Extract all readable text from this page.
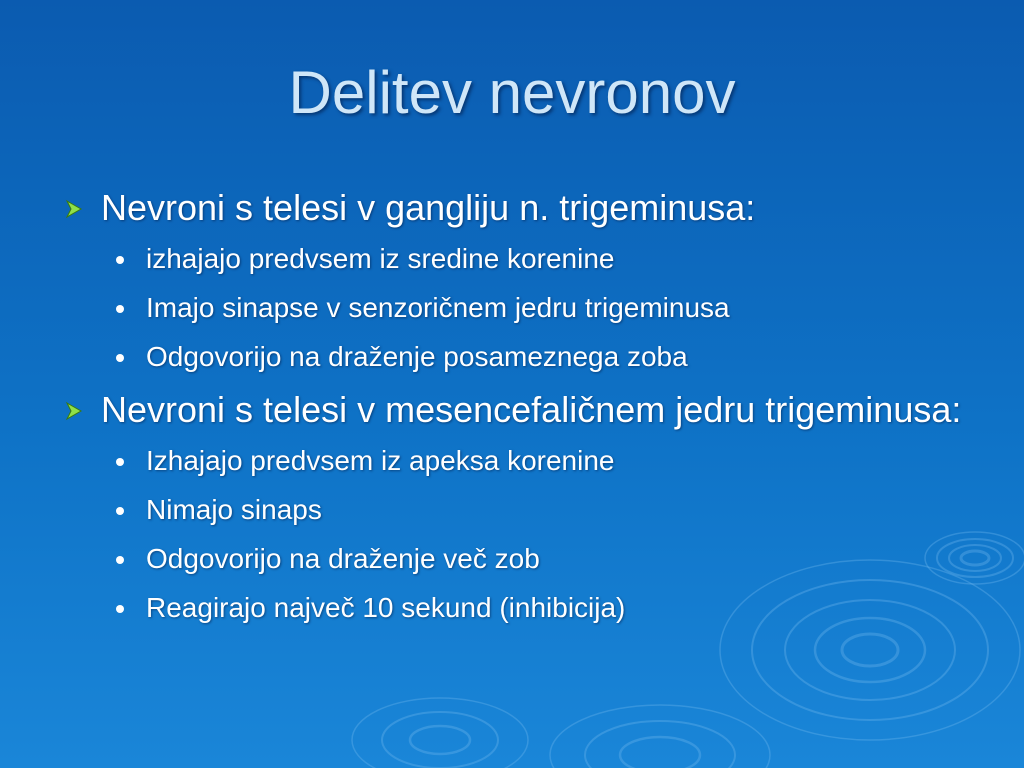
Delitev nevronov
Nevroni s telesi v gangliju n. trigeminusa:
izhajajo predvsem iz sredine korenine
Imajo sinapse v senzoričnem jedru trigeminusa
Odgovorijo na draženje posameznega zoba
Nevroni s telesi v mesencefaličnem jedru trigeminusa:
Izhajajo predvsem iz apeksa korenine
Nimajo sinaps
Odgovorijo na draženje več zob
Reagirajo največ 10 sekund (inhibicija)
